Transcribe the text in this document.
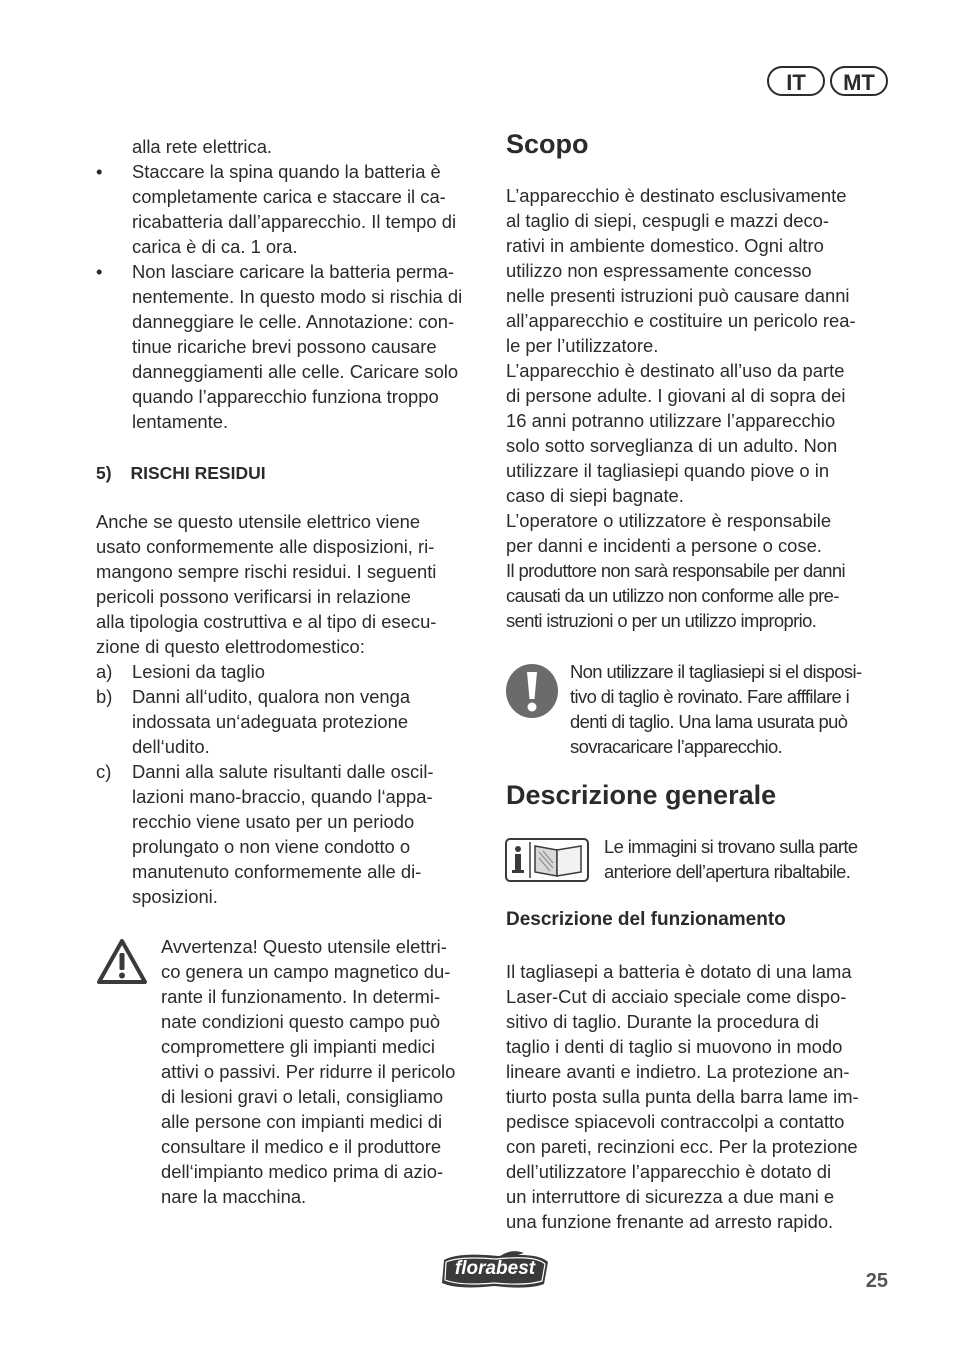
IT	MT

alla rete elettrica.

• Staccare la spina quando la batteria è

completamente carica e staccare il ca-

ricabatteria dall’apparecchio. Il tempo di

carica è di ca. 1 ora.

• Non lasciare caricare la batteria perma-

nentemente. In questo modo si rischia di

danneggiare le celle. Annotazione: con-

tinue ricariche brevi possono causare

danneggiamenti alle celle. Caricare solo

quando l’apparecchio funziona troppo

lentamente.

5) RISCHI RESIDUI

Anche se questo utensile elettrico viene

usato conformemente alle disposizioni, ri-

mangono sempre rischi residui. I seguenti

pericoli possono verificarsi in relazione

alla tipologia costruttiva e al tipo di esecu-

zione di questo elettrodomestico:

a) Lesioni da taglio

b) Danni all‘udito, qualora non venga

indossata un‘adeguata protezione

dell‘udito.

c) Danni alla salute risultanti dalle oscil-

lazioni mano-braccio, quando l‘appa-

recchio viene usato per un periodo

prolungato o non viene condotto o

manutenuto conformemente alle di-

sposizioni.

Avvertenza! Questo utensile elettri-

co genera un campo magnetico du-

rante il funzionamento. In determi-

nate condizioni questo campo può

compromettere gli impianti medici

attivi o passivi. Per ridurre il pericolo

di lesioni gravi o letali, consigliamo

alle persone con impianti medici di

consultare il medico e il produttore

dell‘impianto medico prima di azio-

nare la macchina.

Scopo

L’apparecchio è destinato esclusivamente

al taglio di siepi, cespugli e mazzi deco-

rativi in ambiente domestico. Ogni altro

utilizzo non espressamente concesso

nelle presenti istruzioni può causare danni

all’apparecchio e costituire un pericolo rea-

le per l’utilizzatore.

L’apparecchio è destinato all’uso da parte

di persone adulte. I giovani al di sopra dei

16 anni potranno utilizzare l’apparecchio

solo sotto sorveglianza di un adulto. Non

utilizzare il tagliasiepi quando piove o in

caso di siepi bagnate.

L’operatore o utilizzatore è responsabile

per danni e incidenti a persone o cose.

Il produttore non sarà responsabile per danni

causati da un utilizzo non conforme alle pre-

senti istruzioni o per un utilizzo improprio.

Non utilizzare il tagliasiepi si el disposi-

tivo di taglio è rovinato. Fare afffilare i

denti di taglio. Una lama usurata può

sovracaricare l’apparecchio.

Descrizione generale

Le immagini si trovano sulla parte

anteriore dell’apertura ribaltabile.

Descrizione del funzionamento

Il tagliasepi a batteria è dotato di una lama

Laser-Cut di acciaio speciale come dispo-

sitivo di taglio. Durante la procedura di

taglio i denti di taglio si muovono in modo

lineare avanti e indietro. La protezione an-

tiurto posta sulla punta della barra lame im-

pedisce spiacevoli contraccolpi a contatto

con pareti, recinzioni ecc. Per la protezione

dell’utilizzatore l’apparecchio è dotato di

un interruttore di sicurezza a due mani e

una funzione frenante ad arresto rapido.

florabest
25
